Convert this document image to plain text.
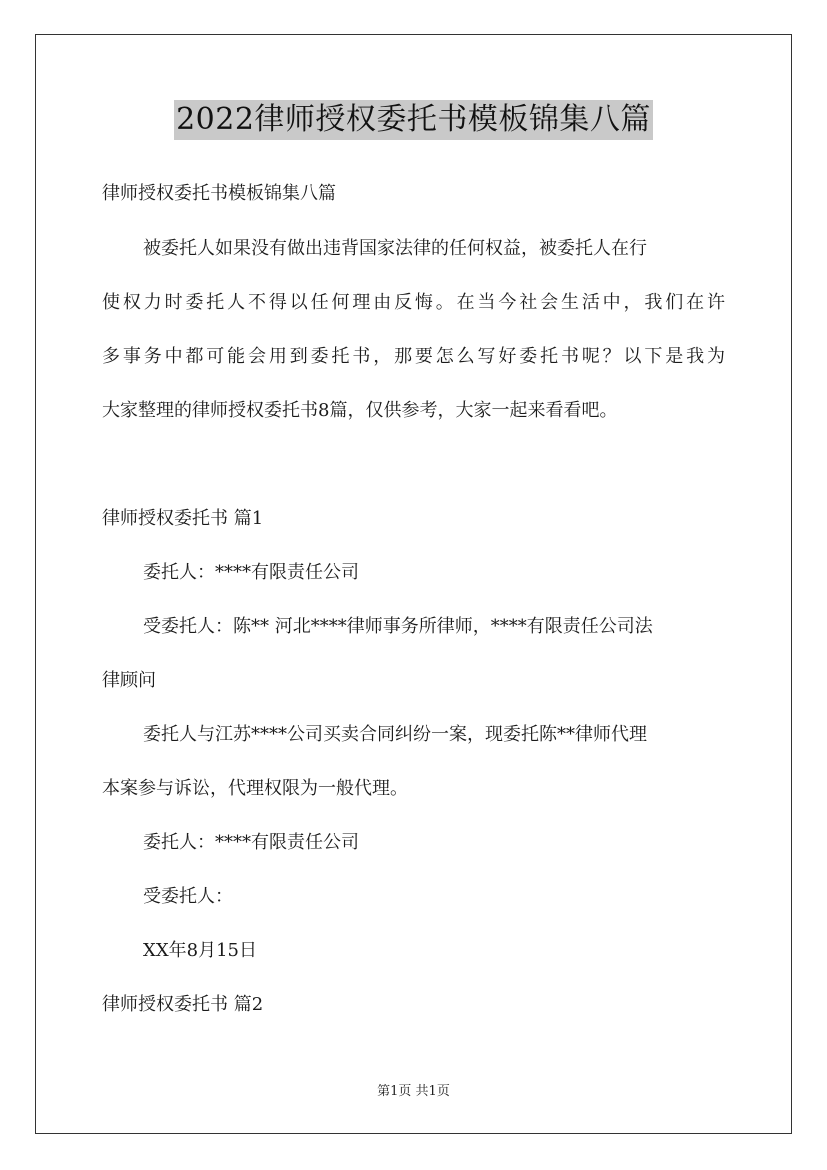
2022律师授权委托书模板锦集八篇
律师授权委托书模板锦集八篇
被委托人如果没有做出违背国家法律的任何权益，被委托人在行
使权力时委托人不得以任何理由反悔。在当今社会生活中，我们在许
多事务中都可能会用到委托书，那要怎么写好委托书呢？以下是我为
大家整理的律师授权委托书8篇，仅供参考，大家一起来看看吧。
律师授权委托书 篇1
委托人：****有限责任公司
受委托人：陈** 河北****律师事务所律师，****有限责任公司法
律顾问
委托人与江苏****公司买卖合同纠纷一案，现委托陈**律师代理
本案参与诉讼，代理权限为一般代理。
委托人：****有限责任公司
受委托人：
XX年8月15日
律师授权委托书 篇2
第1页 共1页
